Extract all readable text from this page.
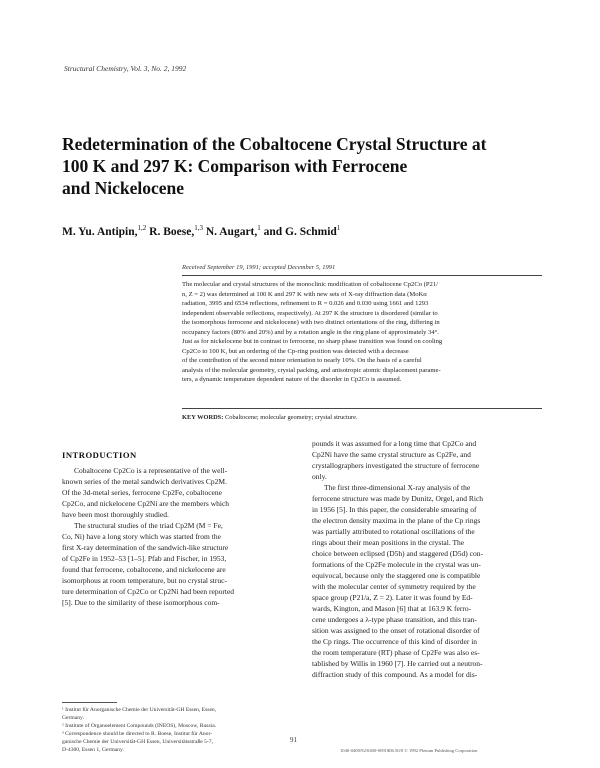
Structural Chemistry, Vol. 3, No. 2, 1992
Redetermination of the Cobaltocene Crystal Structure at
100 K and 297 K: Comparison with Ferrocene
and Nickelocene
M. Yu. Antipin,$^{1,2}$ R. Boese,$^{1,3}$ N. Augart,$^1$ and G. Schmid$^1$
Received September 19, 1991; accepted December 5, 1991
The molecular and crystal structures of the monoclinic modification of cobaltocene Cp2Co (P21/
n, Z = 2) was determined at 100 K and 297 K with new sets of X-ray diffraction data (MoKα
radiation, 3995 and 6534 reflections, refinement to R = 0.026 and 0.030 using 1661 and 1293
independent observable reflections, respectively). At 297 K the structure is disordered (similar to
the isomorphous ferrocene and nickelocene) with two distinct orientations of the ring, differing in
occupancy factors (80% and 20%) and by a rotation angle in the ring plane of approximately 34°.
Just as for nickelocene but in contrast to ferrocene, no sharp phase transition was found on cooling
Cp2Co to 100 K, but an ordering of the Cp-ring position was detected with a decrease
of the contribution of the second minor orientation to nearly 10%. On the basis of a careful
analysis of the molecular geometry, crystal packing, and anisotropic atomic displacement parame-
ters, a dynamic temperature dependent nature of the disorder in Cp2Co is assumed.
KEY WORDS: Cobaltocene; molecular geometry; crystal structure.
INTRODUCTION
Cobaltocene Cp2Co is a representative of the well-
known series of the metal sandwich derivatives Cp2M.
Of the 3d-metal series, ferrocene Cp2Fe, cobaltocene
Cp2Co, and nickelocene Cp2Ni are the members which
have been most thoroughly studied.
The structural studies of the triad Cp2M (M = Fe,
Co, Ni) have a long story which was started from the
first X-ray determination of the sandwich-like structure
of Cp2Fe in 1952–53 [1–5]. Pfab and Fischer, in 1953,
found that ferrocene, cobaltocene, and nickelocene are
isomorphous at room temperature, but no crystal struc-
ture determination of Cp2Co or Cp2Ni had been reported
[5]. Due to the similarity of these isomorphous com-
pounds it was assumed for a long time that Cp2Co and
Cp2Ni have the same crystal structure as Cp2Fe, and
crystallographers investigated the structure of ferrocene
only.
The first three-dimensional X-ray analysis of the
ferrocene structure was made by Dunitz, Orgel, and Rich
in 1956 [5]. In this paper, the considerable smearing of
the electron density maxima in the plane of the Cp rings
was partially attributed to rotational oscillations of the
rings about their mean positions in the crystal. The
choice between eclipsed (D5h) and staggered (D5d) con-
formations of the Cp2Fe molecule in the crystal was un-
equivocal, because only the staggered one is compatible
with the molecular center of symmetry required by the
space group (P21/a, Z = 2). Later it was found by Ed-
wards, Kington, and Mason [6] that at 163.9 K ferro-
cene undergoes a λ-type phase transition, and this tran-
sition was assigned to the onset of rotational disorder of
the Cp rings. The occurrence of this kind of disorder in
the room temperature (RT) phase of Cp2Fe was also es-
tablished by Willis in 1960 [7]. He carried out a neutron-
diffraction study of this compound. As a model for dis-
¹ Institut für Anorganische Chemie der Universität-GH Essen, Essen,
Germany.
² Institute of Organoelement Compounds (INEOS), Moscow, Russia.
³ Correspondence should be directed to R. Boese, Institut für Anor-
ganische Chemie der Universität-GH Essen, Universitätsstraße 5-7,
D-4300, Essen 1, Germany.
91
1040-0400/92/0400-0091$06.50/0 © 1992 Plenum Publishing Corporation
